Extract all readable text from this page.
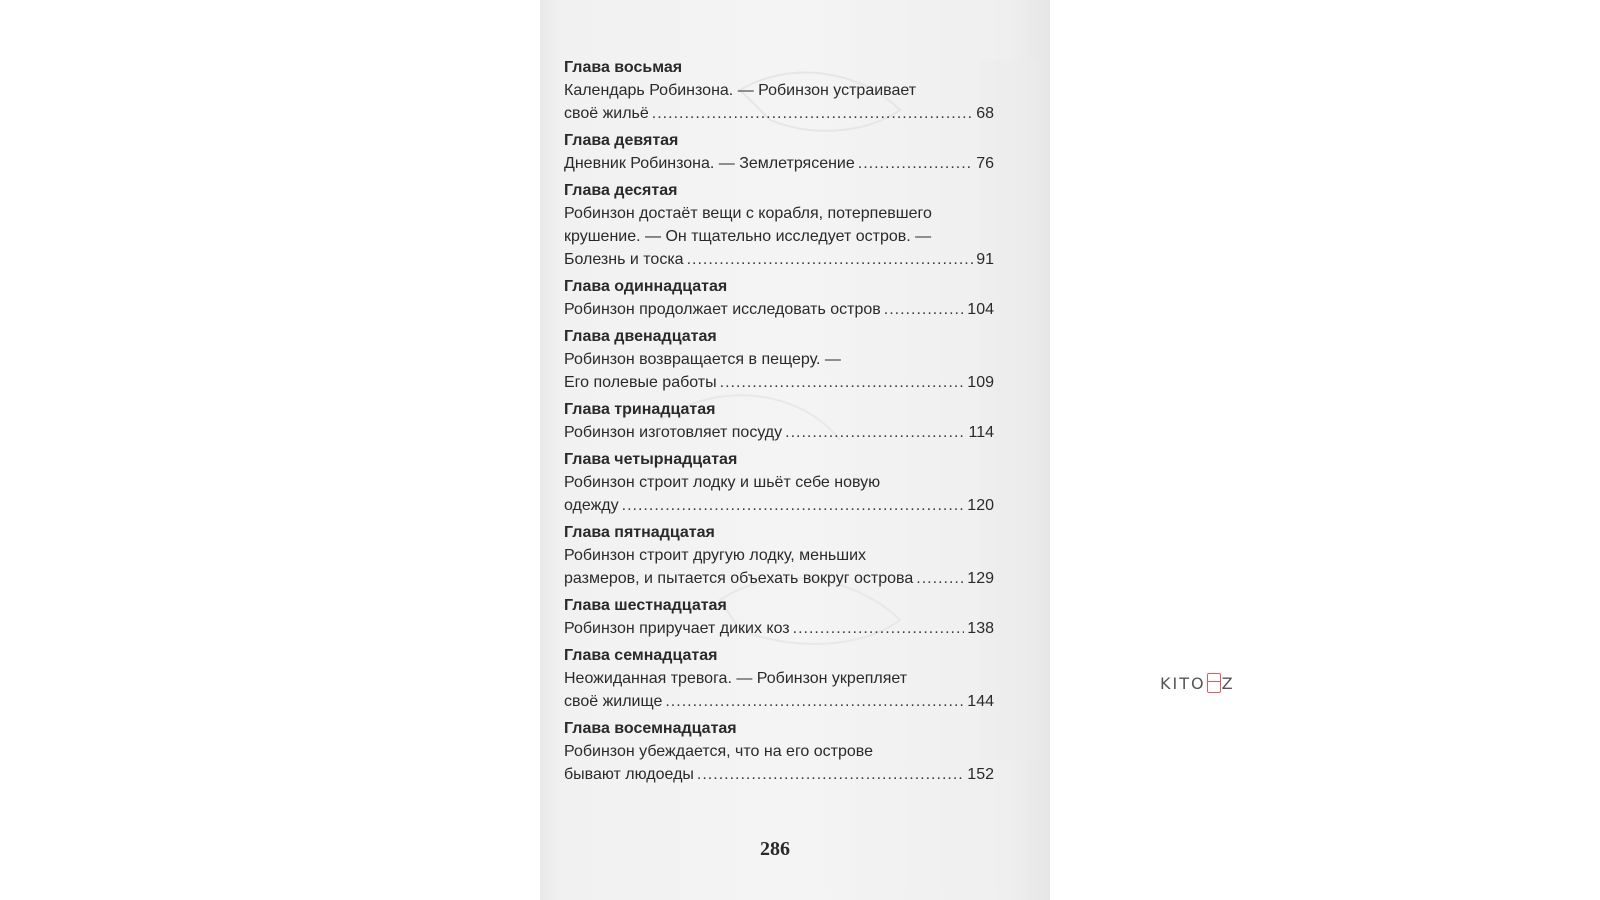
Глава восьмая
Календарь Робинзона. — Робинзон устраивает
своё жильё .....	68
Глава девятая
Дневник Робинзона. — Землетрясение .....	76
Глава десятая
Робинзон достаёт вещи с корабля, потерпевшего
крушение. — Он тщательно исследует остров. —
Болезнь и тоска .....	91
Глава одиннадцатая
Робинзон продолжает исследовать остров .....	104
Глава двенадцатая
Робинзон возвращается в пещеру. —
Его полевые работы .....	109
Глава тринадцатая
Робинзон изготовляет посуду .....	114
Глава четырнадцатая
Робинзон строит лодку и шьёт себе новую
одежду .....	120
Глава пятнадцатая
Робинзон строит другую лодку, меньших
размеров, и пытается объехать вокруг острова .....	129
Глава шестнадцатая
Робинзон приручает диких коз .....	138
Глава семнадцатая
Неожиданная тревога. — Робинзон укрепляет
своё жилище .....	144
Глава восемнадцатая
Робинзон убеждается, что на его острове
бывают людоеды .....	152
286
KITO Z
